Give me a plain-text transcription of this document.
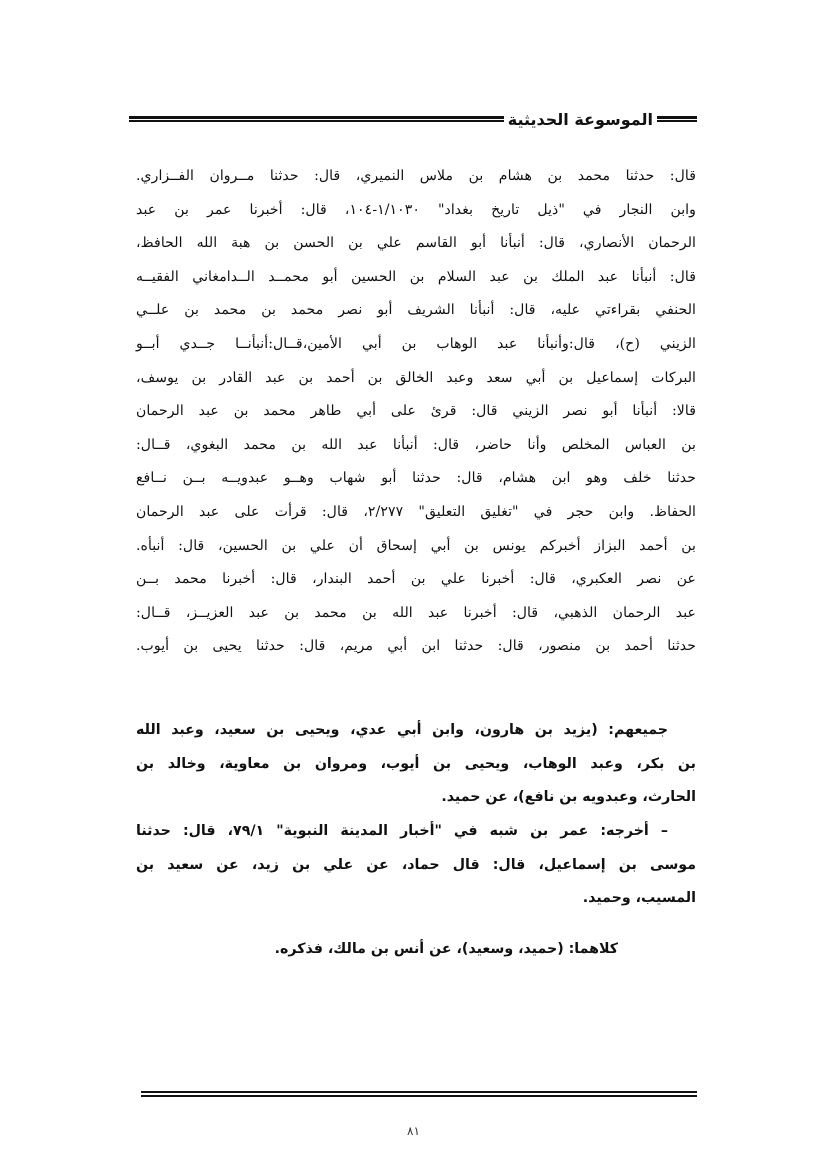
الموسوعة الحديثية
قال: حدثنا محمد بن هشام بن ملاس النميري، قال: حدثنا مــروان الفــزاري.
وابن النجار في "ذيل تاريخ بغداد" ١/١٠٣٠-١٠٤، قال: أخبرنا عمر بن عبد
الرحمان الأنصاري، قال: أنبأنا أبو القاسم علي بن الحسن بن هبة الله الحافظ،
قال: أنبأنا عبد الملك بن عبد السلام بن الحسين أبو محمــد الــدامغاني الفقيــه
الحنفي بقراءتي عليه، قال: أنبأنا الشريف أبو نصر محمد بن محمد بن علــي
الزيني (ح)، قال:وأنبأنا عبد الوهاب بن أبي الأمين،قــال:أنبأنــا جــدي أبــو
البركات إسماعيل بن أبي سعد وعبد الخالق بن أحمد بن عبد القادر بن يوسف،
قالا: أنبأنا أبو نصر الزيني قال: قرئ على أبي طاهر محمد بن عبد الرحمان
بن العباس المخلص وأنا حاضر، قال: أنبأنا عبد الله بن محمد البغوي، قــال:
حدثنا خلف وهو ابن هشام، قال: حدثنا أبو شهاب وهــو عبدويــه بــن نــافع
الحفاظ. وابن حجر في "تغليق التعليق" ٢/٢٧٧، قال: قرأت على عبد الرحمان
بن أحمد البزاز أخبركم يونس بن أبي إسحاق أن علي بن الحسين، قال: أنبأه.
عن نصر العكبري، قال: أخبرنا علي بن أحمد البندار، قال: أخبرنا محمد بــن
عبد الرحمان الذهبي، قال: أخبرنا عبد الله بن محمد بن عبد العزيــز، قــال:
حدثنا أحمد بن منصور، قال: حدثنا ابن أبي مريم، قال: حدثنا يحيى بن أيوب.
جميعهم: (يزيد بن هارون، وابن أبي عدي، ويحيى بن سعيد، وعبد الله
بن بكر، وعبد الوهاب، ويحيى بن أيوب، ومروان بن معاوية، وخالد بن
الحارث، وعبدويه بن نافع)، عن حميد.
– أخرجه: عمر بن شبه في "أخبار المدينة النبوية" ٧٩/١، قال: حدثنا
موسى بن إسماعيل، قال: قال حماد، عن علي بن زيد، عن سعيد بن
المسيب، وحميد.
كلاهما: (حميد، وسعيد)، عن أنس بن مالك، فذكره.
٨١
